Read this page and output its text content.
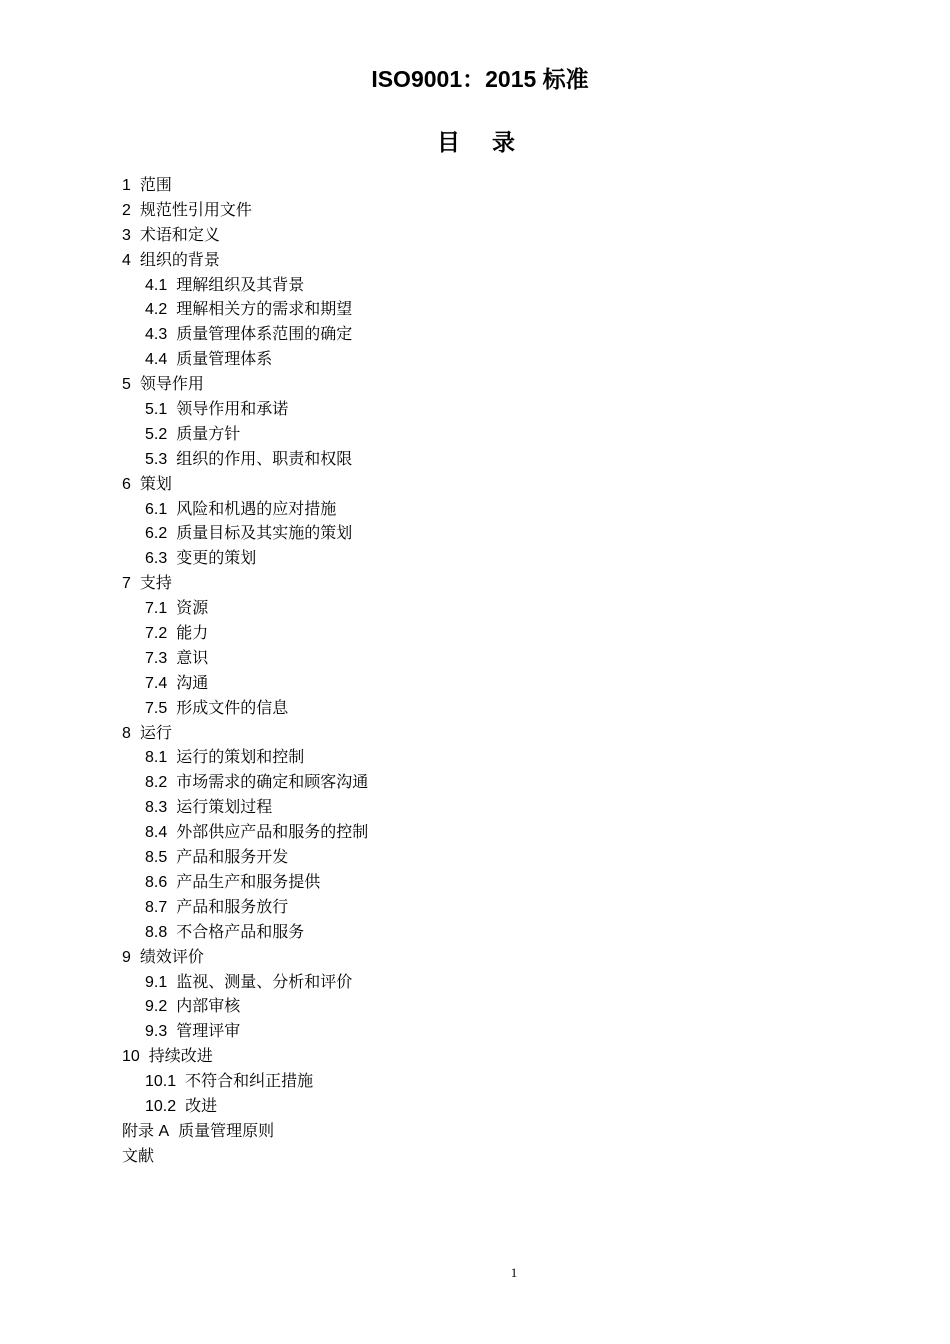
ISO9001：2015 标准
目 录
1 范围
2 规范性引用文件
3 术语和定义
4 组织的背景
4.1 理解组织及其背景
4.2 理解相关方的需求和期望
4.3 质量管理体系范围的确定
4.4 质量管理体系
5 领导作用
5.1 领导作用和承诺
5.2 质量方针
5.3 组织的作用、职责和权限
6 策划
6.1 风险和机遇的应对措施
6.2 质量目标及其实施的策划
6.3 变更的策划
7 支持
7.1 资源
7.2 能力
7.3 意识
7.4 沟通
7.5 形成文件的信息
8 运行
8.1 运行的策划和控制
8.2 市场需求的确定和顾客沟通
8.3 运行策划过程
8.4 外部供应产品和服务的控制
8.5 产品和服务开发
8.6 产品生产和服务提供
8.7 产品和服务放行
8.8 不合格产品和服务
9 绩效评价
9.1 监视、测量、分析和评价
9.2 内部审核
9.3 管理评审
10 持续改进
10.1 不符合和纠正措施
10.2 改进
附录 A 质量管理原则
文献
1
